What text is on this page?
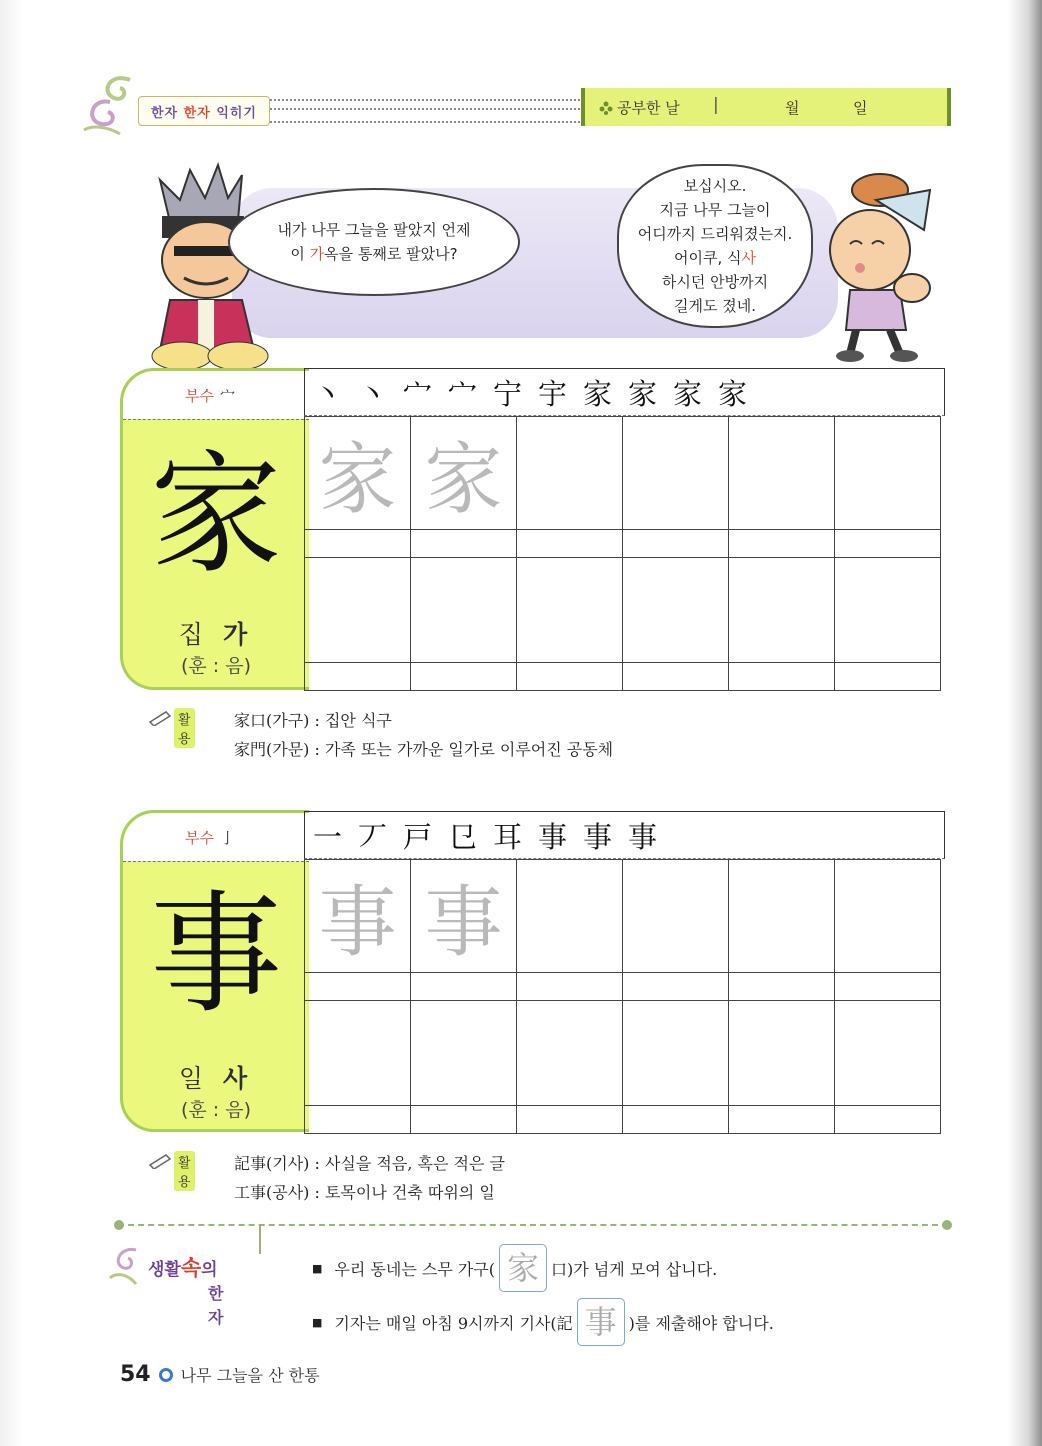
한자
한자
익히기	공부한 날 |	월	일
내가 나무 그늘을 팔았지 언제
이 가옥을 통째로 팔았나?
보십시오.
지금 나무 그늘이
어디까지 드리워졌는지.
어이쿠, 식사
하시던 안방까지
길게도 졌네.
부수 宀
家
집 가
(훈 : 음)
丶 丶 宀 宀 宁 宇 家 家 家 家
家	家				

활용
家口(가구) : 집안 식구
家門(가문) : 가족 또는 가까운 일가로 이루어진 공동체
부수 亅
事
일 사
(훈 : 음)
一 丆 戸 㔾 耳 事 事 事
事	事				

활용
記事(기사) : 사실을 적음, 혹은 적은 글
工事(공사) : 토목이나 건축 따위의 일
생활속의
한자
■ 우리 동네는 스무 가구( 家 口)가 넘게 모여 삽니다.
■ 기자는 매일 아침 9시까지 기사(記 事 )를 제출해야 합니다.
54 나무 그늘을 산 한통
